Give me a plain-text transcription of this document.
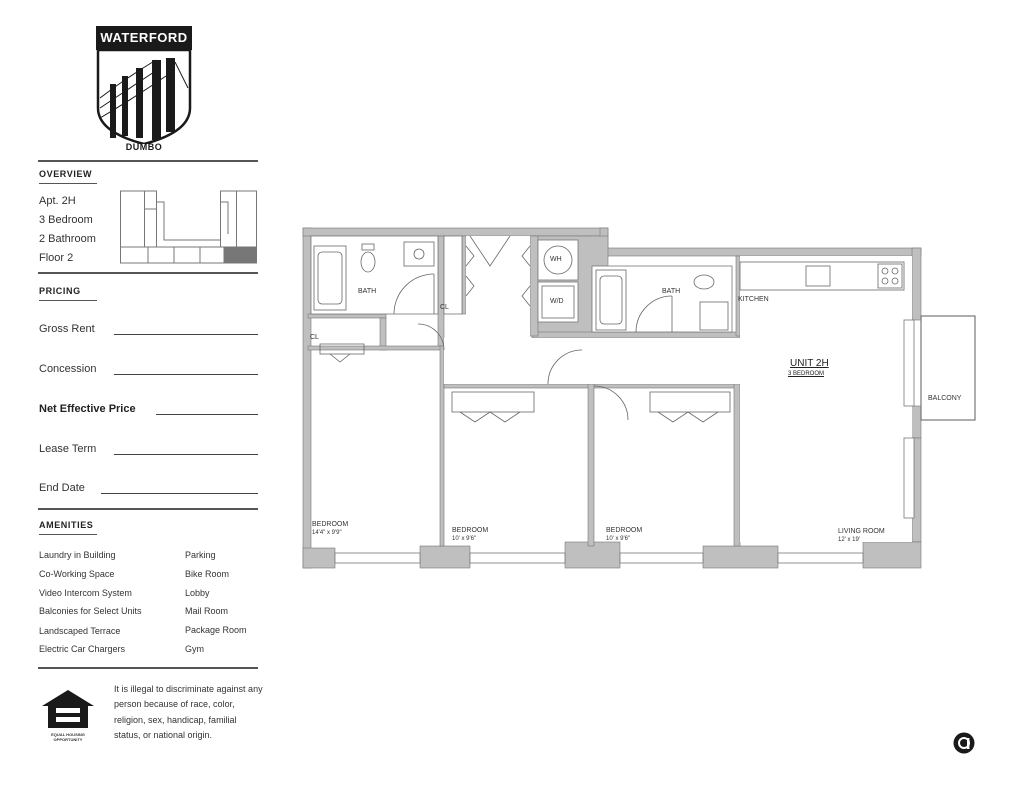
WATERFORD
DUMBO
OVERVIEW
Apt. 2H
3 Bedroom
2 Bathroom
Floor 2
PRICING
Gross Rent
Concession
Net Effective Price
Lease Term
End Date
AMENITIES
Laundry in Building
Co-Working Space
Video Intercom System
Balconies for Select Units
Landscaped Terrace
Electric Car Chargers
Parking
Bike Room
Lobby
Mail Room
Package Room
Gym
EQUAL HOUSING
OPPORTUNITY
It is illegal to discriminate against any person because of race, color, religion, sex, handicap, familial status, or national origin.
BATH
CL
CL
WH
W/D
BATH
KITCHEN
BALCONY
UNIT 2H
3 BEDROOM
BEDROOM
14'4" x 9'9"	BEDROOM
10' x 9'6"
BEDROOM
10' x 9'6"
LIVING ROOM
12' x 19'
